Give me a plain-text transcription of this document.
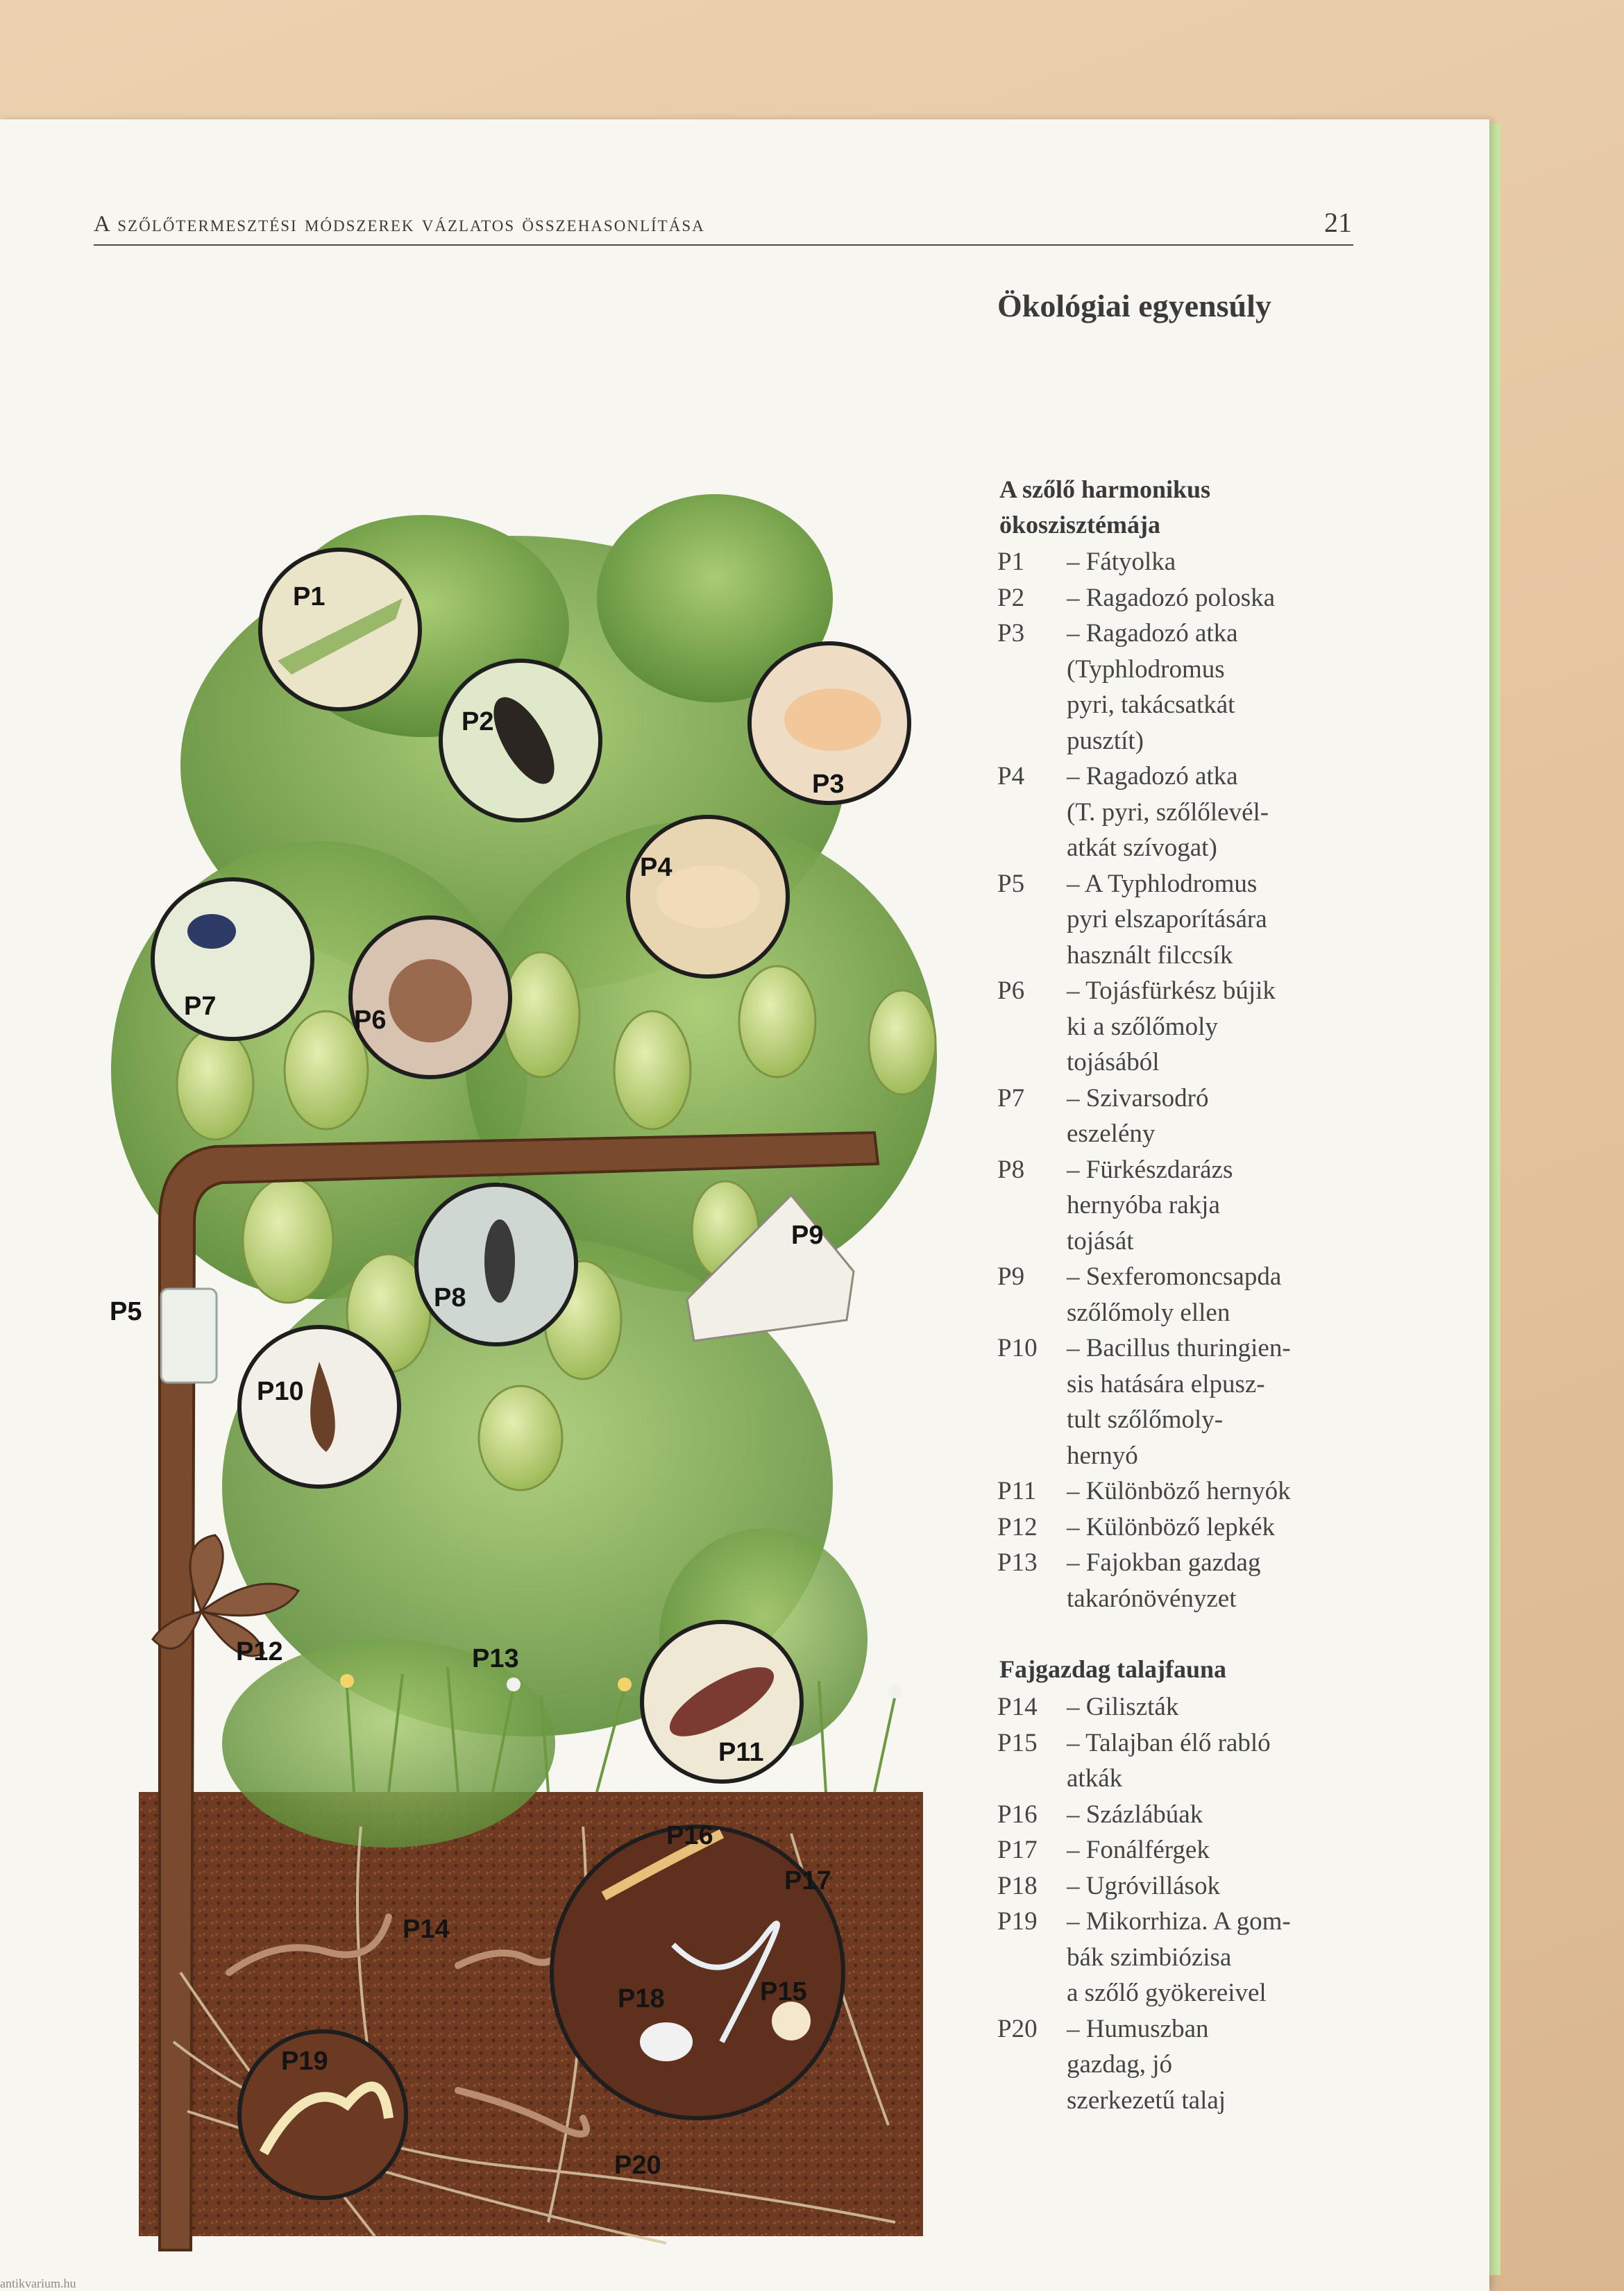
A szőlőtermesztési módszerek vázlatos összehasonlítása	21
Ökológiai egyensúly
P1
P2
P3
P4
P5
P6
P7
P8
P9
P10
P11
P12	P13
P14
P15
P16
P17
P18
P19
P20
A szőlő harmonikus
ökoszisztémája
P1	– Fátyolka
P2	– Ragadozó poloska
P3	– Ragadozó atka
(Typhlodromus
pyri, takácsatkát
pusztít)
P4	– Ragadozó atka
(T. pyri, szőlőlevél-
atkát szívogat)
P5	– A Typhlodromus
pyri elszaporítására
használt filccsík
P6	– Tojásfürkész bújik
ki a szőlőmoly
tojásából
P7	– Szivarsodró
eszelény
P8	– Fürkészdarázs
hernyóba rakja
tojását
P9	– Sexferomoncsapda
szőlőmoly ellen
P10	– Bacillus thuringien-
sis hatására elpusz-
tult szőlőmoly-
hernyó
P11	– Különböző hernyók
P12	– Különböző lepkék
P13	– Fajokban gazdag
takarónövényzet
Fajgazdag talajfauna
P14	– Giliszták
P15	– Talajban élő rabló
atkák
P16	– Százlábúak
P17	– Fonálférgek
P18	– Ugróvillások
P19	– Mikorrhiza. A gom-
bák szimbiózisa
a szőlő gyökereivel
P20	– Humuszban
gazdag, jó
szerkezetű talaj
antikvarium.hu
